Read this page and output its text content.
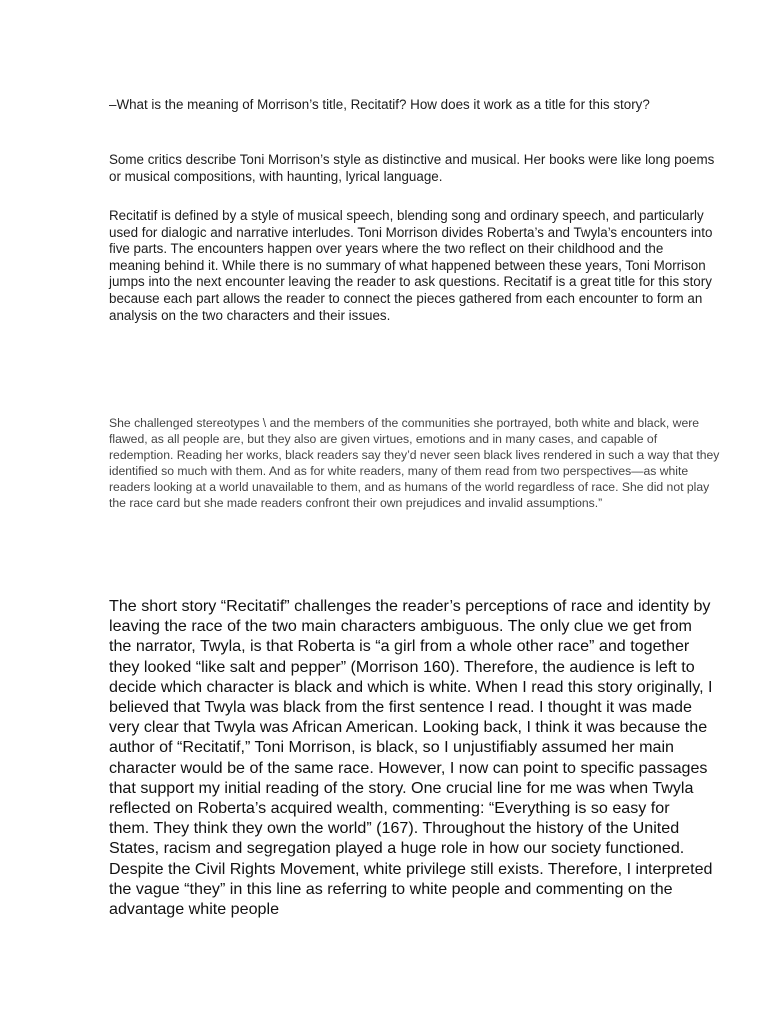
–What is the meaning of Morrison’s title, Recitatif? How does it work as a title for this story?

Some critics describe Toni Morrison’s style as distinctive and musical. Her books were like long poems or musical compositions, with haunting, lyrical language.

Recitatif is defined by a style of musical speech, blending song and ordinary speech, and particularly used for dialogic and narrative interludes. Toni Morrison divides Roberta’s and Twyla’s encounters into five parts. The encounters happen over years where the two reflect on their childhood and the meaning behind it. While there is no summary of what happened between these years, Toni Morrison jumps into the next encounter leaving the reader to ask questions. Recitatif is a great title for this story because each part allows the reader to connect the pieces gathered from each encounter to form an analysis on the two characters and their issues.

She challenged stereotypes \ and the members of the communities she portrayed, both white and black, were flawed, as all people are, but they also are given virtues, emotions and in many cases, and capable of redemption. Reading her works, black readers say they’d never seen black lives rendered in such a way that they identified so much with them. And as for white readers, many of them read from two perspectives—as white readers looking at a world unavailable to them, and as humans of the world regardless of race. She did not play the race card but she made readers confront their own prejudices and invalid assumptions.”

The short story “Recitatif” challenges the reader’s perceptions of race and identity by leaving the race of the two main characters ambiguous. The only clue we get from the narrator, Twyla, is that Roberta is “a girl from a whole other race” and together they looked “like salt and pepper” (Morrison 160). Therefore, the audience is left to decide which character is black and which is white. When I read this story originally, I believed that Twyla was black from the first sentence I read. I thought it was made very clear that Twyla was African American. Looking back, I think it was because the author of “Recitatif,” Toni Morrison, is black, so I unjustifiably assumed her main character would be of the same race. However, I now can point to specific passages that support my initial reading of the story. One crucial line for me was when Twyla reflected on Roberta’s acquired wealth, commenting: “Everything is so easy for them. They think they own the world” (167). Throughout the history of the United States, racism and segregation played a huge role in how our society functioned. Despite the Civil Rights Movement, white privilege still exists. Therefore, I interpreted the vague “they” in this line as referring to white people and commenting on the advantage white people
